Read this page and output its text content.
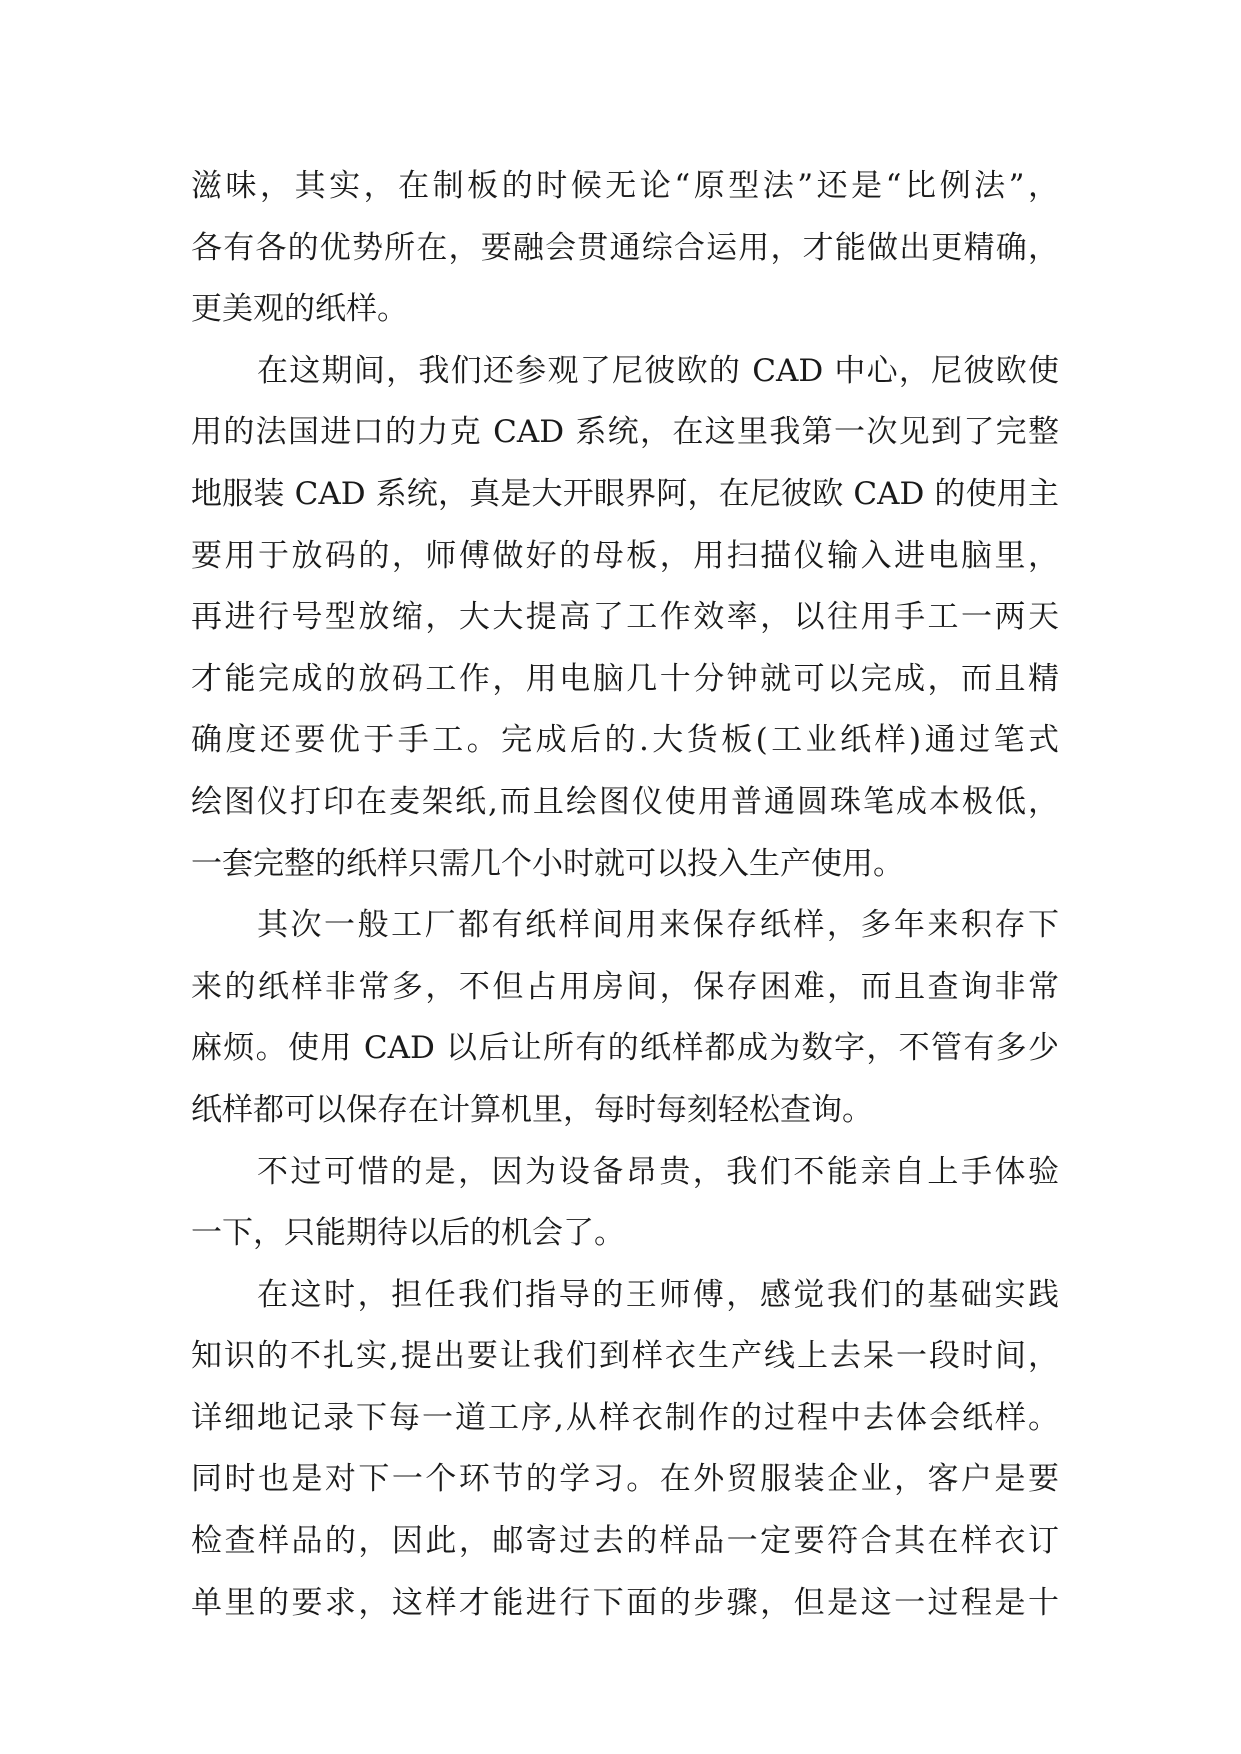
滋味，其实，在制板的时候无论“原型法”还是“比例法”，
各有各的优势所在，要融会贯通综合运用，才能做出更精确，
更美观的纸样。
在这期间，我们还参观了尼彼欧的 CAD 中心，尼彼欧使
用的法国进口的力克 CAD 系统，在这里我第一次见到了完整
地服装 CAD 系统，真是大开眼界阿，在尼彼欧 CAD 的使用主
要用于放码的，师傅做好的母板，用扫描仪输入进电脑里，
再进行号型放缩，大大提高了工作效率，以往用手工一两天
才能完成的放码工作，用电脑几十分钟就可以完成，而且精
确度还要优于手工。完成后的.大货板(工业纸样)通过笔式
绘图仪打印在麦架纸,而且绘图仪使用普通圆珠笔成本极低，
一套完整的纸样只需几个小时就可以投入生产使用。
其次一般工厂都有纸样间用来保存纸样，多年来积存下
来的纸样非常多，不但占用房间，保存困难，而且查询非常
麻烦。使用 CAD 以后让所有的纸样都成为数字，不管有多少
纸样都可以保存在计算机里，每时每刻轻松查询。
不过可惜的是，因为设备昂贵，我们不能亲自上手体验
一下，只能期待以后的机会了。
在这时，担任我们指导的王师傅，感觉我们的基础实践
知识的不扎实,提出要让我们到样衣生产线上去呆一段时间，
详细地记录下每一道工序,从样衣制作的过程中去体会纸样。
同时也是对下一个环节的学习。在外贸服装企业，客户是要
检查样品的，因此，邮寄过去的样品一定要符合其在样衣订
单里的要求，这样才能进行下面的步骤，但是这一过程是十
